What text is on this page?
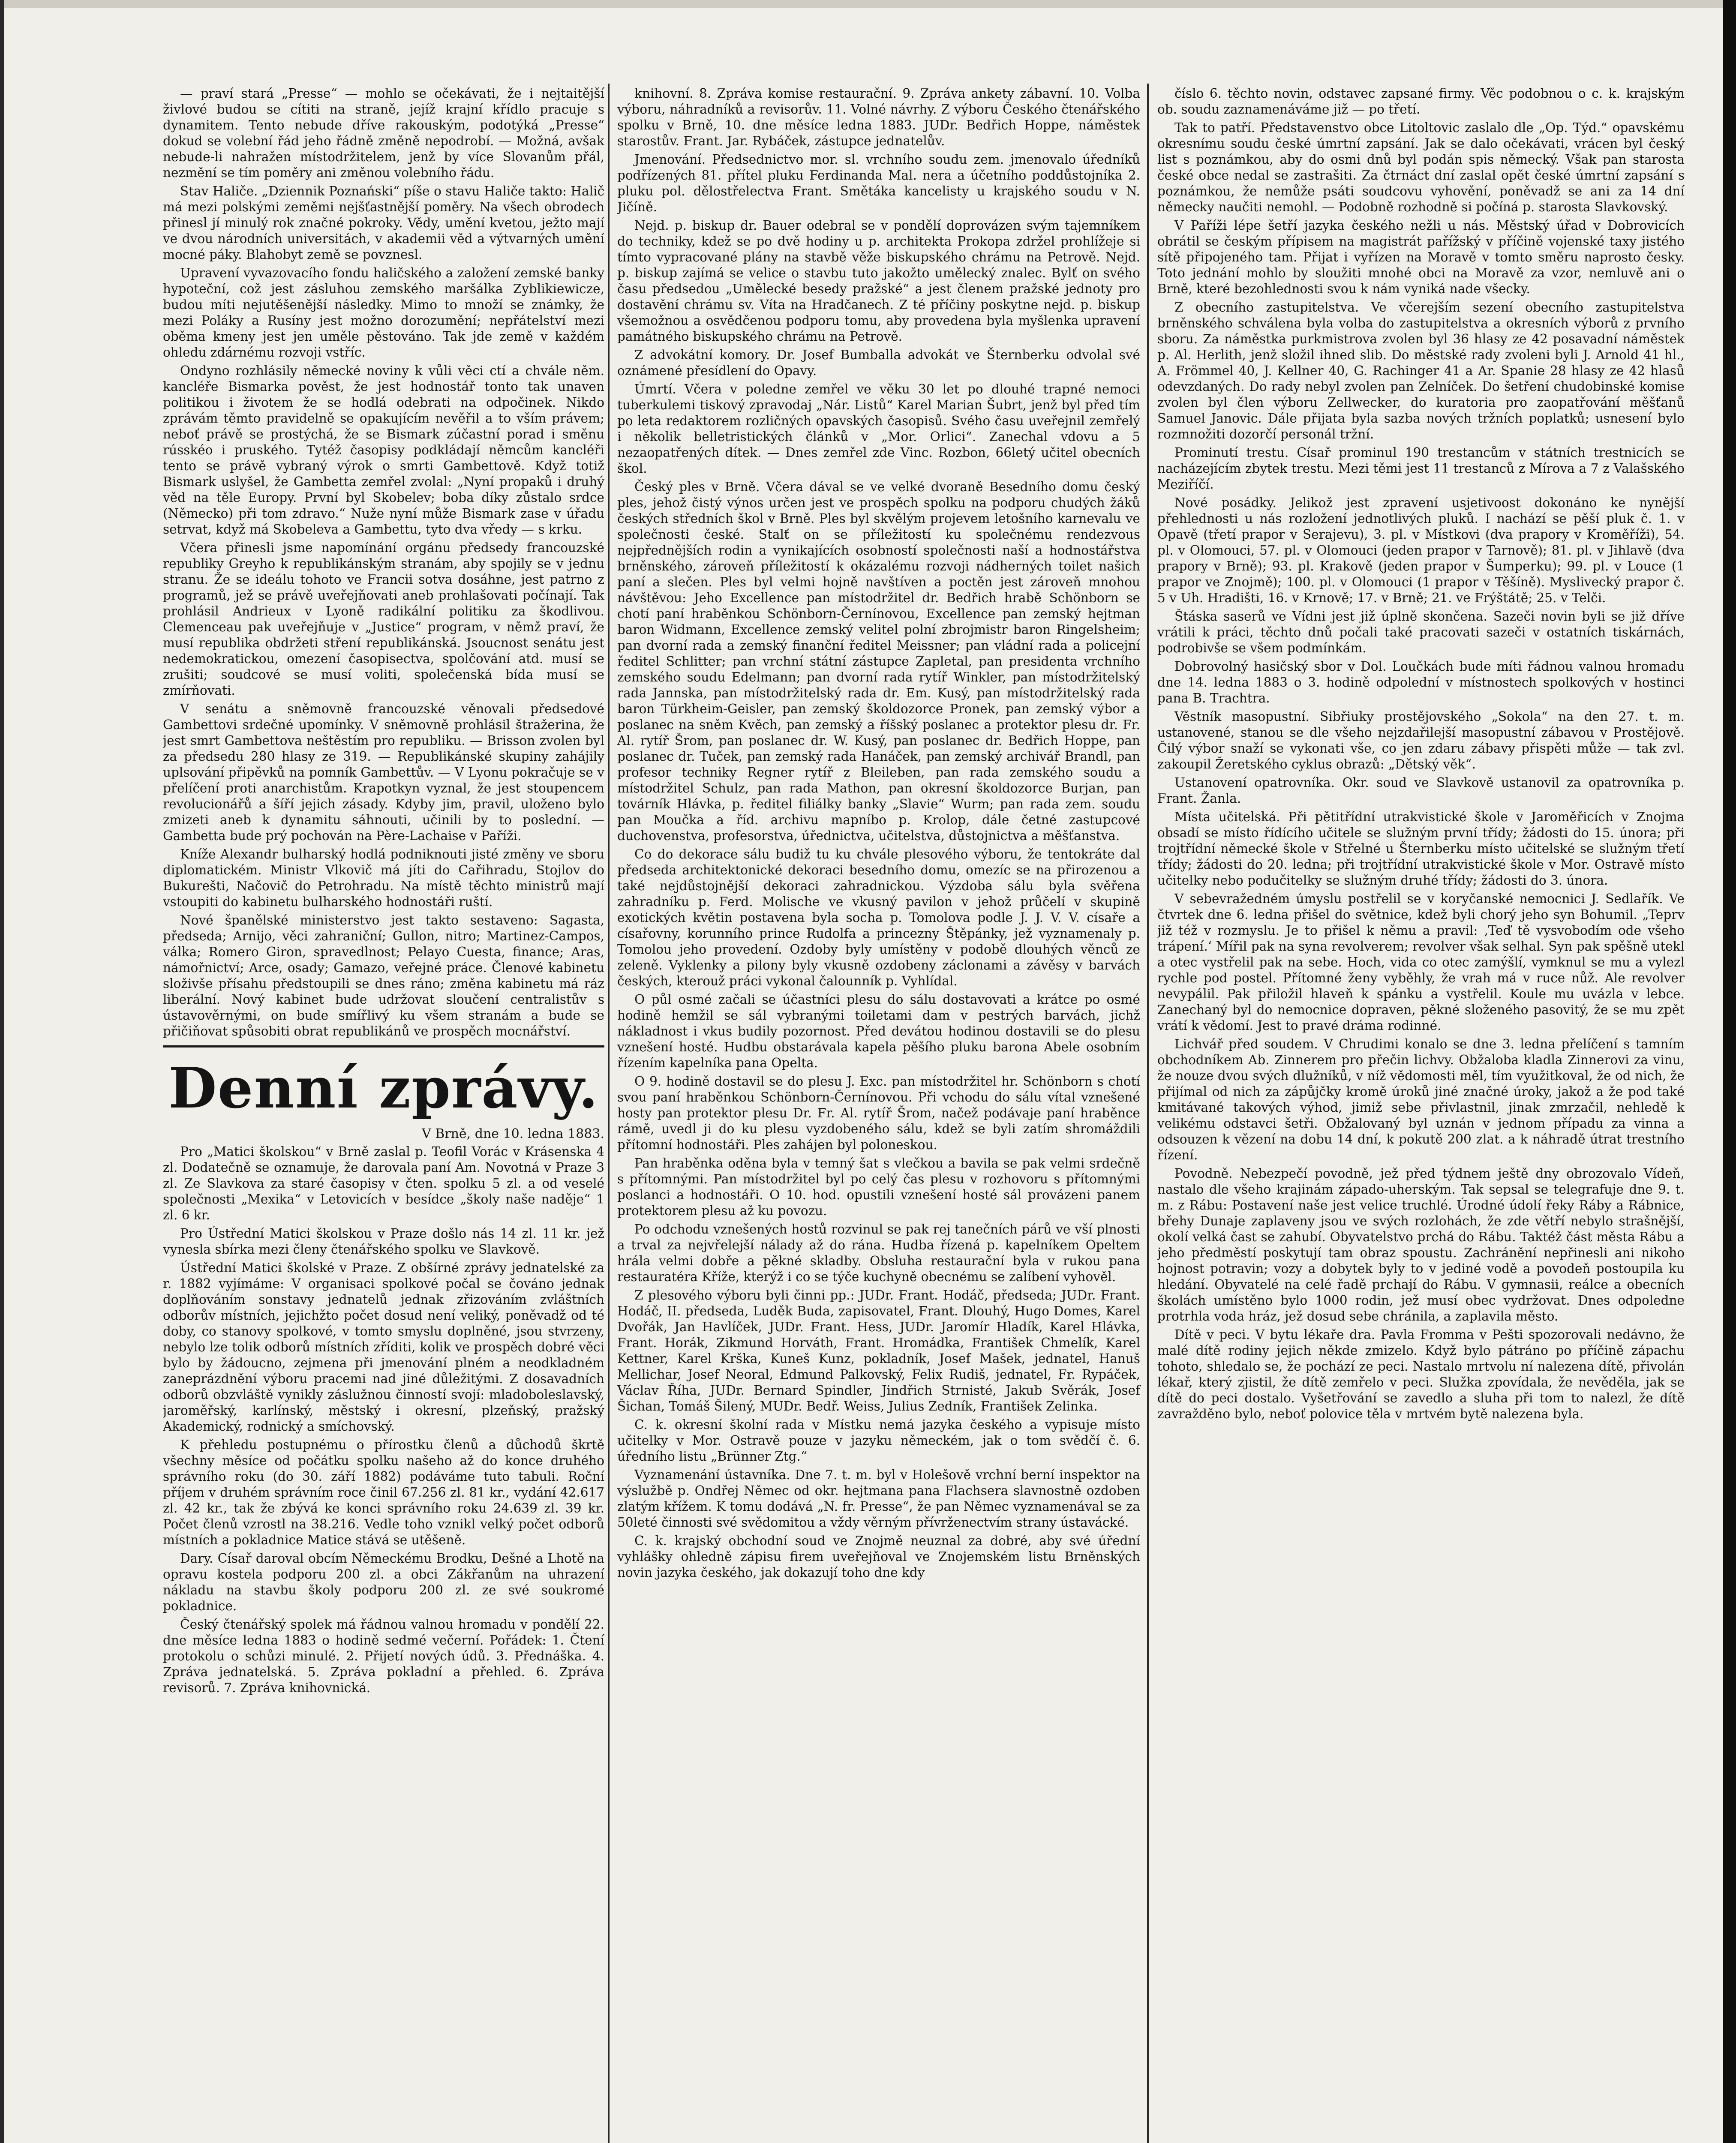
— praví stará „Presse“ — mohlo se očekávati, že i nejtaitější živlové budou se cítiti na straně, jejíž krajní křídlo pracuje s dynamitem. Tento nebude dříve rakouským, podotýká „Presse“ dokud se volební řád jeho řádně změně nepodrobí. — Možná, avšak nebude-li nahražen místodržitelem, jenž by více Slovanům přál, nezmění se tím poměry ani změnou volebního řádu.

Stav Haliče. „Dziennik Poznański“ píše o stavu Haliče takto: Halič má mezi polskými zeměmi nejšťastnější poměry. Na všech obrodech přinesl jí minulý rok značné pokroky. Vědy, umění kvetou, ježto mají ve dvou národních universitách, v akademii věd a výtvarných umění mocné páky. Blahobyt země se povznesl.

Upravení vyvazovacího fondu haličského a založení zemské banky hypoteční, což jest zásluhou zemského maršálka Zyblikiewicze, budou míti nejutěšenější následky. Mimo to množí se známky, že mezi Poláky a Rusíny jest možno dorozumění; nepřátelství mezi oběma kmeny jest jen uměle pěstováno. Tak jde země v každém ohledu zdárnému rozvoji vstříc.

Ondyno rozhlásily německé noviny k vůli věci ctí a chvále něm. kancléře Bismarka pověst, že jest hodnostář tonto tak unaven politikou i životem že se hodlá odebrati na odpočinek. Nikdo zprávám těmto pravidelně se opakujícím nevěřil a to vším právem; neboť právě se prostýchá, že se Bismark zúčastní porad i směnu rússkéo i pruského. Tytéž časopisy podkládají němcům kancléři tento se právě vybraný výrok o smrti Gambettově. Když totiž Bismark uslyšel, že Gambetta zemřel zvolal: „Nyní propaků i druhý věd na těle Europy. První byl Skobelev; boba díky zůstalo srdce (Německo) při tom zdravo.“ Nuže nyní může Bismark zase v úřadu setrvat, když má Skobeleva a Gambettu, tyto dva vředy — s krku.

Včera přinesli jsme napomínání orgánu předsedy francouzské republiky Greyho k republikánským stranám, aby spojily se v jednu stranu. Že se ideálu tohoto ve Francii sotva dosáhne, jest patrno z programů, jež se právě uveřejňovati aneb prohlašovati počínají. Tak prohlásil Andrieux v Lyoně radikální politiku za škodlivou. Clemenceau pak uveřejňuje v „Justice“ program, v němž praví, že musí republika obdržeti stření republikánská. Jsoucnost senátu jest nedemokratickou, omezení časopisectva, spolčování atd. musí se zrušiti; soudcové se musí voliti, společenská bída musí se zmírňovati.

V senátu a sněmovně francouzské věnovali předsedové Gambettovi srdečné upomínky. V sněmovně prohlásil štražerina, že jest smrt Gambettova neštěstím pro republiku. — Brisson zvolen byl za předsedu 280 hlasy ze 319. — Republikánské skupiny zahájily uplsování připěvků na pomník Gambettův. — V Lyonu pokračuje se v přelíčení proti anarchistům. Krapotkyn vyznal, že jest stoupencem revolucionářů a šíří jejich zásady. Kdyby jim, pravil, uloženo bylo zmizeti aneb k dynamitu sáhnouti, učinili by to poslední. — Gambetta bude prý pochován na Père-Lachaise v Paříži.

Kníže Alexandr bulharský hodlá podniknouti jisté změny ve sboru diplomatickém. Ministr Vlkovič má jíti do Cařihradu, Stojlov do Bukurešti, Načovič do Petrohradu. Na místě těchto ministrů mají vstoupiti do kabinetu bulharského hodnostáři ruští.

Nové španělské ministerstvo jest takto sestaveno: Sagasta, předseda; Arnijo, věci zahraniční; Gullon, nitro; Martinez-Campos, válka; Romero Giron, spravedlnost; Pelayo Cuesta, finance; Aras, námořnictví; Arce, osady; Gamazo, veřejné práce. Členové kabinetu složivše přísahu předstoupili se dnes ráno; změna kabinetu má ráz liberální. Nový kabinet bude udržovat sloučení centralistův s ústavověrnými, on bude smířlivý ku všem stranám a bude se přičiňovat spůsobiti obrat republikánů ve prospěch mocnářství.

Denní zprávy.
V Brně, dne 10. ledna 1883.

Pro „Matici školskou“ v Brně zaslal p. Teofil Vorác v Krásenska 4 zl. Dodatečně se oznamuje, že darovala paní Am. Novotná v Praze 3 zl. Ze Slavkova za staré časopisy v čten. spolku 5 zl. a od veselé společnosti „Mexika“ v Letovicích v besídce „školy naše naděje“ 1 zl. 6 kr.

Pro Ústřední Matici školskou v Praze došlo nás 14 zl. 11 kr. jež vynesla sbírka mezi členy čtenářského spolku ve Slavkově.

Ústřední Matici školské v Praze. Z obšírné zprávy jednatelské za r. 1882 vyjímáme: V organisaci spolkové počal se čováno jednak doplňováním sonstavy jednatelů jednak zřizováním zvláštních odborův místních, jejichžto počet dosud není veliký, poněvadž od té doby, co stanovy spolkové, v tomto smyslu doplněné, jsou stvrzeny, nebylo lze tolik odborů místních zříditi, kolik ve prospěch dobré věci bylo by žádoucno, zejmena při jmenování plném a neodkladném zaneprázdnění výboru pracemi nad jiné důležitými. Z dosavadních odborů obzvláště vynikly záslužnou činností svojí: mladoboleslavský, jaroměřský, karlínský, městský i okresní, plzeňský, pražský Akademický, rodnický a smíchovský.

K přehledu postupnému o přírostku členů a důchodů škrtě všechny měsíce od počátku spolku našeho až do konce druhého správního roku (do 30. září 1882) podáváme tuto tabuli. Roční příjem v druhém správním roce činil 67.256 zl. 81 kr., vydání 42.617 zl. 42 kr., tak že zbývá ke konci správního roku 24.639 zl. 39 kr. Počet členů vzrostl na 38.216. Vedle toho vznikl velký počet odborů místních a pokladnice Matice stává se utěšeně.

Dary. Císař daroval obcím Německému Brodku, Dešné a Lhotě na opravu kostela podporu 200 zl. a obci Zákřanům na uhrazení nákladu na stavbu školy podporu 200 zl. ze své soukromé pokladnice.

Český čtenářský spolek má řádnou valnou hromadu v pondělí 22. dne měsíce ledna 1883 o hodině sedmé večerní. Pořádek: 1. Čtení protokolu o schůzi minulé. 2. Přijetí nových údů. 3. Přednáška. 4. Zpráva jednatelská. 5. Zpráva pokladní a přehled. 6. Zpráva revisorů. 7. Zpráva knihovnická.

knihovní. 8. Zpráva komise restaurační. 9. Zpráva ankety zábavní. 10. Volba výboru, náhradníků a revisorův. 11. Volné návrhy. Z výboru Českého čtenářského spolku v Brně, 10. dne měsíce ledna 1883. JUDr. Bedřich Hoppe, náměstek starostův. Frant. Jar. Rybáček, zástupce jednatelův.

Jmenování. Předsednictvo mor. sl. vrchního soudu zem. jmenovalo úředníků podřízených 81. přítel pluku Ferdinanda Mal. nera a účetního poddůstojníka 2. pluku pol. dělostřelectva Frant. Smětáka kancelisty u krajského soudu v N. Jičíně.

Nejd. p. biskup dr. Bauer odebral se v pondělí doprovázen svým tajemníkem do techniky, kdež se po dvě hodiny u p. architekta Prokopa zdržel prohlížeje si tímto vypracované plány na stavbě věže biskupského chrámu na Petrově. Nejd. p. biskup zajímá se velice o stavbu tuto jakožto umělecký znalec. Bylť on svého času předsedou „Umělecké besedy pražské“ a jest členem pražské jednoty pro dostavění chrámu sv. Víta na Hradčanech. Z té příčiny poskytne nejd. p. biskup všemožnou a osvědčenou podporu tomu, aby provedena byla myšlenka upravení památného biskupského chrámu na Petrově.

Z advokátní komory. Dr. Josef Bumballa advokát ve Šternberku odvolal své oznámené přesídlení do Opavy.

Úmrtí. Včera v poledne zemřel ve věku 30 let po dlouhé trapné nemoci tuberkulemi tiskový zpravodaj „Nár. Listů“ Karel Marian Šubrt, jenž byl před tím po leta redaktorem rozličných opavských časopisů. Svého času uveřejnil zemřelý i několik belletristických článků v „Mor. Orlici“. Zanechal vdovu a 5 nezaopatřených dítek. — Dnes zemřel zde Vinc. Rozbon, 66letý učitel obecních škol.

Český ples v Brně. Včera dával se ve velké dvoraně Besedního domu český ples, jehož čistý výnos určen jest ve prospěch spolku na podporu chudých žáků českých středních škol v Brně. Ples byl skvělým projevem letošního karnevalu ve společnosti české. Stalť on se příležitostí ku společnému rendezvous nejpřednějších rodin a vynikajících osobností společnosti naší a hodnostářstva brněnského, zároveň příležitostí k okázalému rozvoji nádherných toilet našich paní a slečen. Ples byl velmi hojně navštíven a poctěn jest zároveň mnohou návštěvou: Jeho Excellence pan místodržitel dr. Bedřich hrabě Schönborn se chotí paní hraběnkou Schönborn-Černínovou, Excellence pan zemský hejtman baron Widmann, Excellence zemský velitel polní zbrojmistr baron Ringelsheim; pan dvorní rada a zemský finanční ředitel Meissner; pan vládní rada a policejní ředitel Schlitter; pan vrchní státní zástupce Zapletal, pan presidenta vrchního zemského soudu Edelmann; pan dvorní rada rytíř Winkler, pan místodržitelský rada Jannska, pan místodržitelský rada dr. Em. Kusý, pan místodržitelský rada baron Türkheim-Geisler, pan zemský školdozorce Pronek, pan zemský výbor a poslanec na sněm Kvěch, pan zemský a říšský poslanec a protektor plesu dr. Fr. Al. rytíř Šrom, pan poslanec dr. W. Kusý, pan poslanec dr. Bedřich Hoppe, pan poslanec dr. Tuček, pan zemský rada Hanáček, pan zemský archivář Brandl, pan profesor techniky Regner rytíř z Bleileben, pan rada zemského soudu a místodržitel Schulz, pan rada Mathon, pan okresní školdozorce Burjan, pan továrník Hlávka, p. ředitel filiálky banky „Slavie“ Wurm; pan rada zem. soudu pan Moučka a říd. archivu mapníbo p. Krolop, dále četné zastupcové duchovenstva, profesorstva, úřednictva, učitelstva, důstojnictva a měšťanstva.

Co do dekorace sálu budiž tu ku chvále plesového výboru, že tentokráte dal předseda architektonické dekoraci besedního domu, omezíc se na přirozenou a také nejdůstojnější dekoraci zahradnickou. Výzdoba sálu byla svěřena zahradníku p. Ferd. Molische ve vkusný pavilon v jehož průčelí v skupině exotických květin postavena byla socha p. Tomolova podle J. J. V. V. císaře a císařovny, korunního prince Rudolfa a princezny Štěpánky, jež vyznamenaly p. Tomolou jeho provedení. Ozdoby byly umístěny v podobě dlouhých věnců ze zeleně. Vyklenky a pilony byly vkusně ozdobeny záclonami a závěsy v barvách českých, kterouž práci vykonal čalounník p. Vyhlídal.

O půl osmé začali se účastníci plesu do sálu dostavovati a krátce po osmé hodině hemžil se sál vybranými toiletami dam v pestrých barvách, jichž nákladnost i vkus budily pozornost. Před devátou hodinou dostavili se do plesu vznešení hosté. Hudbu obstarávala kapela pěšího pluku barona Abele osobním řízením kapelníka pana Opelta.

O 9. hodině dostavil se do plesu J. Exc. pan místodržitel hr. Schönborn s chotí svou paní hraběnkou Schönborn-Černínovou. Při vchodu do sálu vítal vznešené hosty pan protektor plesu Dr. Fr. Al. rytíř Šrom, načež podávaje paní hraběnce rámě, uvedl ji do ku plesu vyzdobeného sálu, kdež se byli zatím shromáždili přítomní hodnostáři. Ples zahájen byl poloneskou.

Pan hraběnka oděna byla v temný šat s vlečkou a bavila se pak velmi srdečně s přítomnými. Pan místodržitel byl po celý čas plesu v rozhovoru s přítomnými poslanci a hodnostáři. O 10. hod. opustili vznešení hosté sál provázeni panem protektorem plesu až ku povozu.

Po odchodu vznešených hostů rozvinul se pak rej tanečních párů ve vší plnosti a trval za nejvřelejší nálady až do rána. Hudba řízená p. kapelníkem Opeltem hrála velmi dobře a pěkné skladby. Obsluha restaurační byla v rukou pana restauratéra Kříže, kterýž i co se týče kuchyně obecnému se zalíbení vyhověl.

Z plesového výboru byli činni pp.: JUDr. Frant. Hodáč, předseda; JUDr. Frant. Hodáč, II. předseda, Luděk Buda, zapisovatel, Frant. Dlouhý, Hugo Domes, Karel Dvořák, Jan Havlíček, JUDr. Frant. Hess, JUDr. Jaromír Hladík, Karel Hlávka, Frant. Horák, Zikmund Horváth, Frant. Hromádka, František Chmelík, Karel Kettner, Karel Krška, Kuneš Kunz, pokladník, Josef Mašek, jednatel, Hanuš Mellichar, Josef Neoral, Edmund Palkovský, Felix Rudiš, jednatel, Fr. Rypáček, Václav Říha, JUDr. Bernard Spindler, Jindřich Strnisté, Jakub Svěrák, Josef Šichan, Tomáš Šilený, MUDr. Bedř. Weiss, Julius Zedník, František Zelinka.

C. k. okresní školní rada v Místku nemá jazyka českého a vypisuje místo učitelky v Mor. Ostravě pouze v jazyku německém, jak o tom svědčí č. 6. úředního listu „Brünner Ztg.“

Vyznamenání ústavníka. Dne 7. t. m. byl v Holešově vrchní berní inspektor na výslužbě p. Ondřej Němec od okr. hejtmana pana Flachsera slavnostně ozdoben zlatým křížem. K tomu dodává „N. fr. Presse“, že pan Němec vyznamenával se za 50leté činnosti své svědomitou a vždy věrným přívrženectvím strany ústavácké.

C. k. krajský obchodní soud ve Znojmě neuznal za dobré, aby své úřední vyhlášky ohledně zápisu firem uveřejňoval ve Znojemském listu Brněnských novin jazyka českého, jak dokazují toho dne kdy

číslo 6. těchto novin, odstavec zapsané firmy. Věc podobnou o c. k. krajským ob. soudu zaznamenáváme již — po třetí.

Tak to patří. Představenstvo obce Litoltovic zaslalo dle „Op. Týd.“ opavskému okresnímu soudu české úmrtní zapsání. Jak se dalo očekávati, vrácen byl český list s poznámkou, aby do osmi dnů byl podán spis německý. Však pan starosta české obce nedal se zastrašiti. Za čtrnáct dní zaslal opět české úmrtní zapsání s poznámkou, že nemůže psáti soudcovu vyhovění, poněvadž se ani za 14 dní německy naučiti nemohl. — Podobně rozhodně si počíná p. starosta Slavkovský.

V Paříži lépe šetří jazyka českého nežli u nás. Městský úřad v Dobrovicích obrátil se českým přípisem na magistrát pařížský v příčině vojenské taxy jistého sítě připojeného tam. Přijat i vyřízen na Moravě v tomto směru naprosto česky. Toto jednání mohlo by sloužiti mnohé obci na Moravě za vzor, nemluvě ani o Brně, které bezohlednosti svou k nám vyniká nade všecky.

Z obecního zastupitelstva. Ve včerejším sezení obecního zastupitelstva brněnského schválena byla volba do zastupitelstva a okresních výborů z prvního sboru. Za náměstka purkmistrova zvolen byl 36 hlasy ze 42 posavadní náměstek p. Al. Herlith, jenž složil ihned slib. Do městské rady zvoleni byli J. Arnold 41 hl., A. Frömmel 40, J. Kellner 40, G. Rachinger 41 a Ar. Spanie 28 hlasy ze 42 hlasů odevzdaných. Do rady nebyl zvolen pan Zelníček. Do šetření chudobinské komise zvolen byl člen výboru Zellwecker, do kuratoria pro zaopatřování měšťanů Samuel Janovic. Dále přijata byla sazba nových tržních poplatků; usnesení bylo rozmnožiti dozorčí personál tržní.

Prominutí trestu. Císař prominul 190 trestancům v státních trestnicích se nacházejícím zbytek trestu. Mezi těmi jest 11 trestanců z Mírova a 7 z Valašského Meziříčí.

Nové posádky. Jelikož jest zpravení usjetivoost dokonáno ke nynější přehlednosti u nás rozložení jednotlivých pluků. I nachází se pěší pluk č. 1. v Opavě (třetí prapor v Serajevu), 3. pl. v Místkovi (dva prapory v Kroměříži), 54. pl. v Olomouci, 57. pl. v Olomouci (jeden prapor v Tarnově); 81. pl. v Jihlavě (dva prapory v Brně); 93. pl. Krakově (jeden prapor v Šumperku); 99. pl. v Louce (1 prapor ve Znojmě); 100. pl. v Olomouci (1 prapor v Těšíně). Myslivecký prapor č. 5 v Uh. Hradišti, 16. v Krnově; 17. v Brně; 21. ve Frýštátě; 25. v Telči.

Štáska saserů ve Vídni jest již úplně skončena. Sazeči novin byli se již dříve vrátili k práci, těchto dnů počali také pracovati sazeči v ostatních tiskárnách, podrobivše se všem podmínkám.

Dobrovolný hasičský sbor v Dol. Loučkách bude míti řádnou valnou hromadu dne 14. ledna 1883 o 3. hodině odpolední v místnostech spolkových v hostinci pana B. Trachtra.

Věstník masopustní. Sibřiuky prostějovského „Sokola“ na den 27. t. m. ustanovené, stanou se dle všeho nejzdařilejší masopustní zábavou v Prostějově. Čilý výbor snaží se vykonati vše, co jen zdaru zábavy přispěti může — tak zvl. zakoupil Žeretského cyklus obrazů: „Dětský věk“.

Ustanovení opatrovníka. Okr. soud ve Slavkově ustanovil za opatrovníka p. Frant. Žanla.

Místa učitelská. Při pětitřídní utrakvistické škole v Jaroměřicích v Znojma obsadí se místo řídícího učitele se služným první třídy; žádosti do 15. února; při trojtřídní německé škole v Střelné u Šternberku místo učitelské se služným třetí třídy; žádosti do 20. ledna; při trojtřídní utrakvistické škole v Mor. Ostravě místo učitelky nebo podučitelky se služným druhé třídy; žádosti do 3. února.

V sebevražedném úmyslu postřelil se v koryčanské nemocnici J. Sedlařík. Ve čtvrtek dne 6. ledna přišel do světnice, kdež byli chorý jeho syn Bohumil. „Teprv již též v rozmyslu. Je to přišel k němu a pravil: ‚Teď tě vysvobodím ode všeho trápení.‘ Mířil pak na syna revolverem; revolver však selhal. Syn pak spěšně utekl a otec vystřelil pak na sebe. Hoch, vida co otec zamýšlí, vymknul se mu a vylezl rychle pod postel. Přítomné ženy vyběhly, že vrah má v ruce nůž. Ale revolver nevypálil. Pak přiložil hlaveň k spánku a vystřelil. Koule mu uvázla v lebce. Zanechaný byl do nemocnice dopraven, pěkné složeného pasovitý, že se mu zpět vrátí k vědomí. Jest to pravé dráma rodinné.

Lichvář před soudem. V Chrudimi konalo se dne 3. ledna přelíčení s tamním obchodníkem Ab. Zinnerem pro přečin lichvy. Obžaloba kladla Zinnerovi za vinu, že nouze dvou svých dlužníků, v níž vědomosti měl, tím využitkoval, že od nich, že přijímal od nich za zápůjčky kromě úroků jiné značné úroky, jakož a že pod také kmitávané takových výhod, jimiž sebe přivlastnil, jinak zmrzačil, nehledě k velikému odstavci šetři. Obžalovaný byl uznán v jednom případu za vinna a odsouzen k vězení na dobu 14 dní, k pokutě 200 zlat. a k náhradě útrat trestního řízení.

Povodně. Nebezpečí povodně, jež před týdnem ještě dny obrozovalo Vídeň, nastalo dle všeho krajinám západo-uherským. Tak sepsal se telegrafuje dne 9. t. m. z Rábu: Postavení naše jest velice truchlé. Úrodné údolí řeky Ráby a Rábnice, břehy Dunaje zaplaveny jsou ve svých rozlohách, že zde větří nebylo strašnější, okolí velká čast se zahubí. Obyvatelstvo prchá do Rábu. Taktéž část města Rábu a jeho předměstí poskytují tam obraz spoustu. Zachránění nepřinesli ani nikoho hojnost potravin; vozy a dobytek byly to v jediné vodě a povodeň postoupila ku hledání. Obyvatelé na celé řadě prchají do Rábu. V gymnasii, reálce a obecních školách umístěno bylo 1000 rodin, jež musí obec vydržovat. Dnes odpoledne protrhla voda hráz, jež dosud sebe chránila, a zaplavila město.

Dítě v peci. V bytu lékaře dra. Pavla Fromma v Pešti spozorovali nedávno, že malé dítě rodiny jejich někde zmizelo. Když bylo pátráno po příčině zápachu tohoto, shledalo se, že pochází ze peci. Nastalo mrtvolu ní nalezena dítě, přivolán lékař, který zjistil, že dítě zemřelo v peci. Služka zpovídala, že nevěděla, jak se dítě do peci dostalo. Vyšetřování se zavedlo a sluha při tom to nalezl, že dítě zavražděno bylo, neboť polovice těla v mrtvém bytě nalezena byla.
